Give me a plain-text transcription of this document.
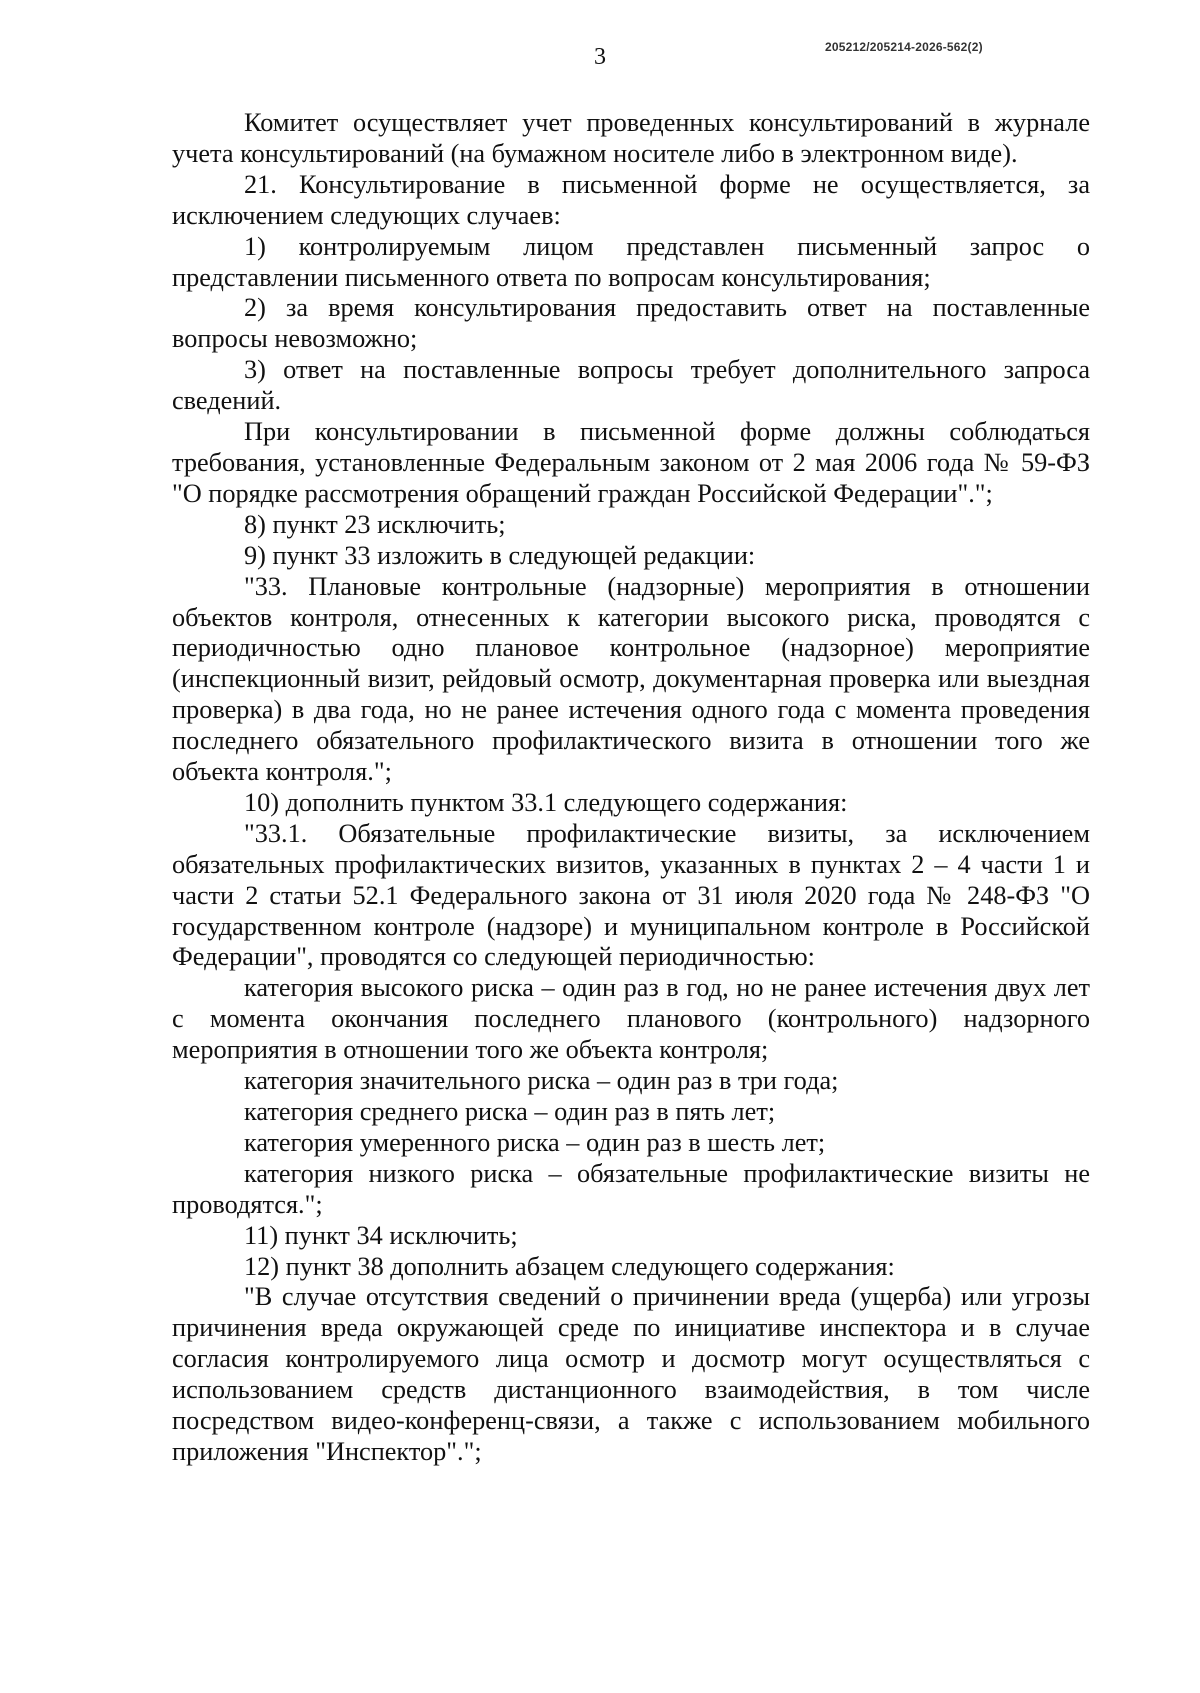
3	205212/205214-2026-562(2)

Комитет осуществляет учет проведенных консультирований в журнале учета консультирований (на бумажном носителе либо в электронном виде).

21. Консультирование в письменной форме не осуществляется, за исключением следующих случаев:

1) контролируемым лицом представлен письменный запрос о представлении письменного ответа по вопросам консультирования;

2) за время консультирования предоставить ответ на поставленные вопросы невозможно;

3) ответ на поставленные вопросы требует дополнительного запроса сведений.

При консультировании в письменной форме должны соблюдаться требования, установленные Федеральным законом от 2 мая 2006 года № 59-ФЗ "О порядке рассмотрения обращений граждан Российской Федерации".";

8) пункт 23 исключить;

9) пункт 33 изложить в следующей редакции:

"33. Плановые контрольные (надзорные) мероприятия в отношении объектов контроля, отнесенных к категории высокого риска, проводятся с периодичностью одно плановое контрольное (надзорное) мероприятие (инспекционный визит, рейдовый осмотр, документарная проверка или выездная проверка) в два года, но не ранее истечения одного года с момента проведения последнего обязательного профилактического визита в отношении того же объекта контроля.";

10) дополнить пунктом 33.1 следующего содержания:

"33.1. Обязательные профилактические визиты, за исключением обязательных профилактических визитов, указанных в пунктах 2 – 4 части 1 и части 2 статьи 52.1 Федерального закона от 31 июля 2020 года № 248-ФЗ "О государственном контроле (надзоре) и муниципальном контроле в Российской Федерации", проводятся со следующей периодичностью:

категория высокого риска – один раз в год, но не ранее истечения двух лет с момента окончания последнего планового (контрольного) надзорного мероприятия в отношении того же объекта контроля;

категория значительного риска – один раз в три года;

категория среднего риска – один раз в пять лет;

категория умеренного риска – один раз в шесть лет;

категория низкого риска – обязательные профилактические визиты не проводятся.";

11) пункт 34 исключить;

12) пункт 38 дополнить абзацем следующего содержания:

"В случае отсутствия сведений о причинении вреда (ущерба) или угрозы причинения вреда окружающей среде по инициативе инспектора и в случае согласия контролируемого лица осмотр и досмотр могут осуществляться с использованием средств дистанционного взаимодействия, в том числе посредством видео-конференц-связи, а также с использованием мобильного приложения "Инспектор".";
